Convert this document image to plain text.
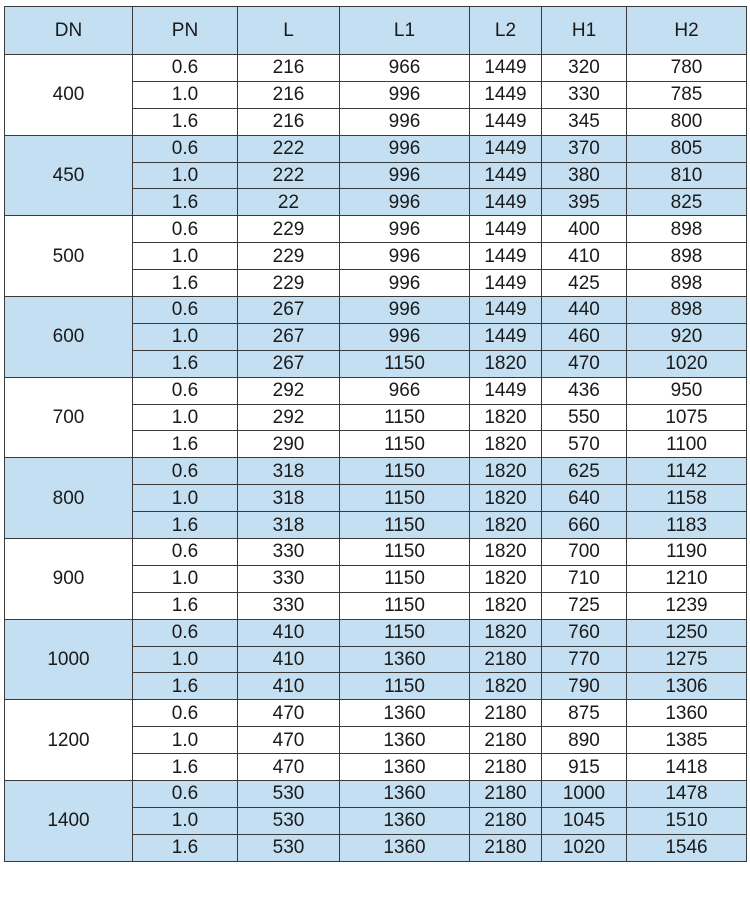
DN	PN	L	L1	L2	H1	H2
400	0.6	216	966	1449	320	780
	1.0	216	996	1449	330	785
	1.6	216	996	1449	345	800
450	0.6	222	996	1449	370	805
	1.0	222	996	1449	380	810
	1.6	22	996	1449	395	825
500	0.6	229	996	1449	400	898
	1.0	229	996	1449	410	898
	1.6	229	996	1449	425	898
600	0.6	267	996	1449	440	898
	1.0	267	996	1449	460	920
	1.6	267	1150	1820	470	1020
700	0.6	292	966	1449	436	950
	1.0	292	1150	1820	550	1075
	1.6	290	1150	1820	570	1100
800	0.6	318	1150	1820	625	1142
	1.0	318	1150	1820	640	1158
	1.6	318	1150	1820	660	1183
900	0.6	330	1150	1820	700	1190
	1.0	330	1150	1820	710	1210
	1.6	330	1150	1820	725	1239
1000	0.6	410	1150	1820	760	1250
	1.0	410	1360	2180	770	1275
	1.6	410	1150	1820	790	1306
1200	0.6	470	1360	2180	875	1360
	1.0	470	1360	2180	890	1385
	1.6	470	1360	2180	915	1418
1400	0.6	530	1360	2180	1000	1478
	1.0	530	1360	2180	1045	1510
	1.6	530	1360	2180	1020	1546
